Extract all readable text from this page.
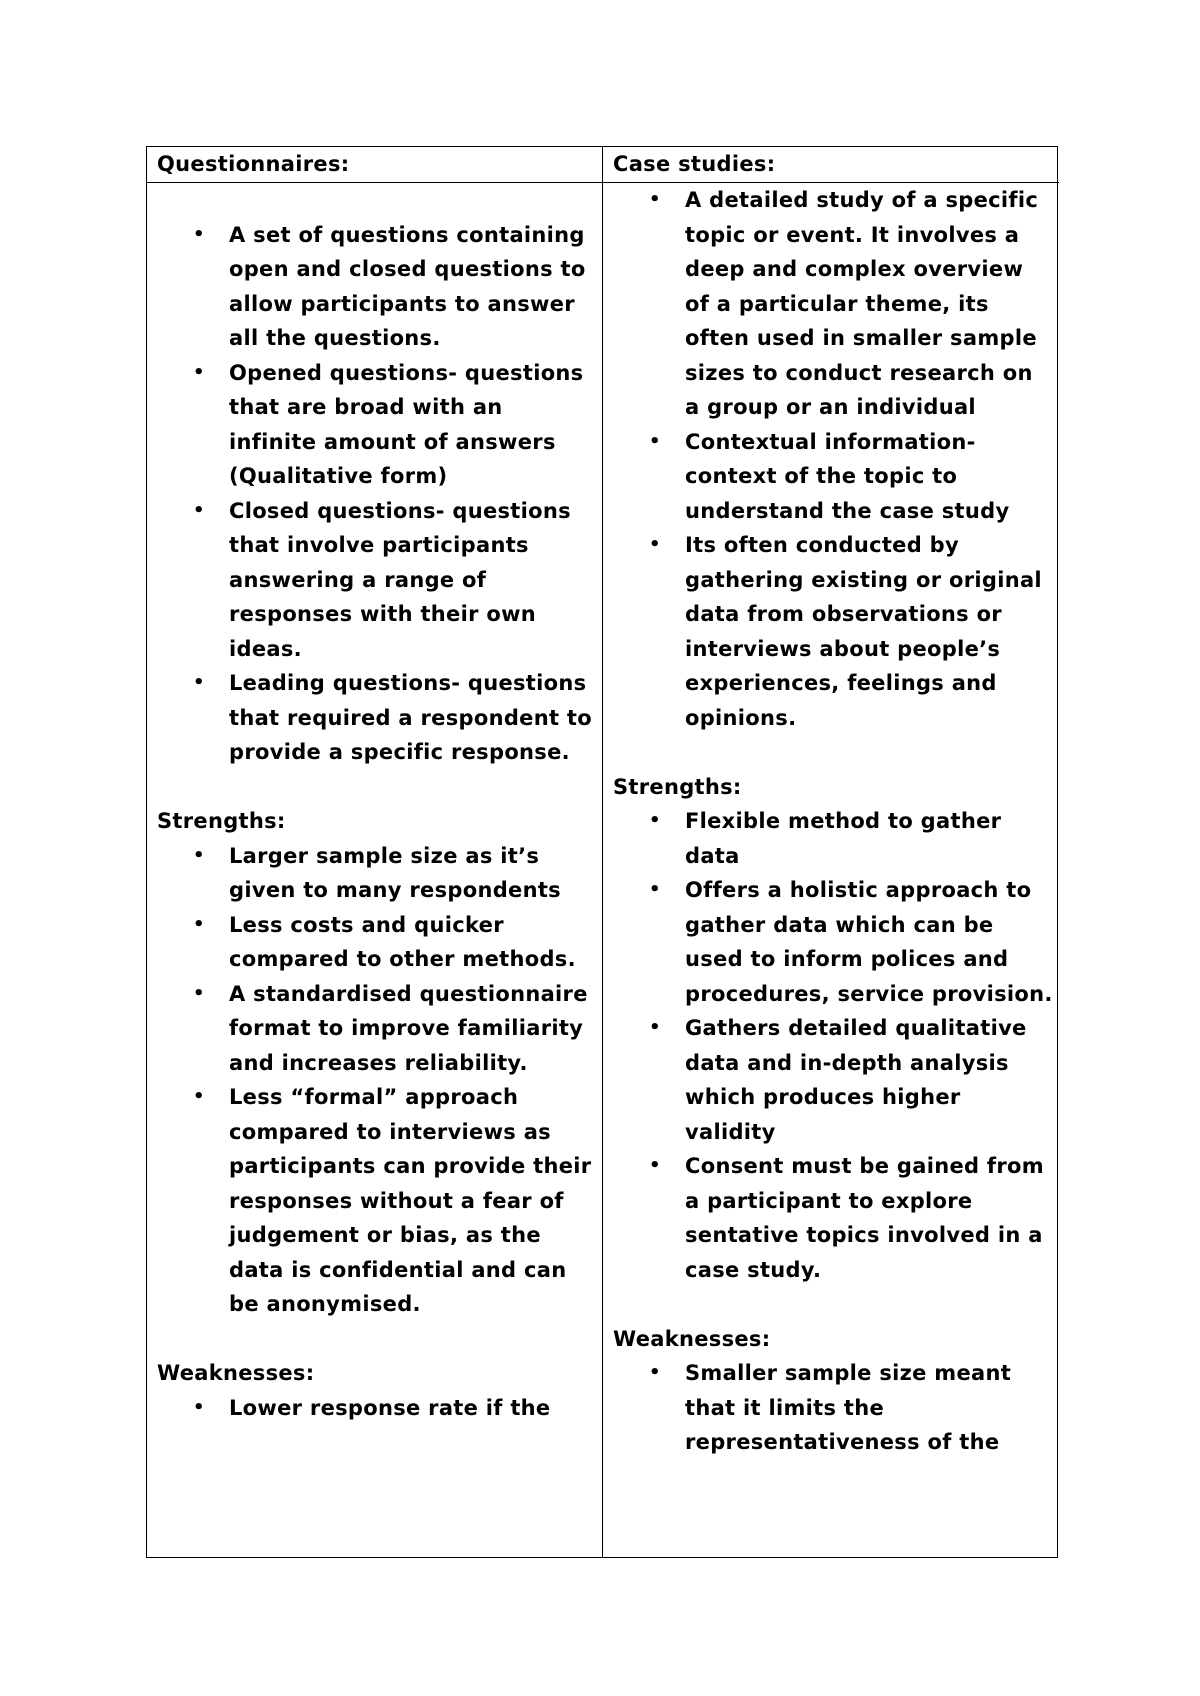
Questionnaires:	Case studies:
• A set of questions containing open and closed questions to allow participants to answer all the questions.
• Opened questions- questions that are broad with an infinite amount of answers (Qualitative form)
• Closed questions- questions that involve participants answering a range of responses with their own ideas.
• Leading questions- questions that required a respondent to provide a specific response.

Strengths:

• Larger sample size as it’s given to many respondents
• Less costs and quicker compared to other methods.
• A standardised questionnaire format to improve familiarity and increases reliability.
• Less “formal” approach compared to interviews as participants can provide their responses without a fear of judgement or bias, as the data is confidential and can be anonymised.

Weaknesses:

• Lower response rate if the
• A detailed study of a specific topic or event. It involves a deep and complex overview of a particular theme, its often used in smaller sample sizes to conduct research on a group or an individual
• Contextual information- context of the topic to understand the case study
• Its often conducted by gathering existing or original data from observations or interviews about people’s experiences, feelings and opinions.

Strengths:

• Flexible method to gather data
• Offers a holistic approach to gather data which can be used to inform polices and procedures, service provision.
• Gathers detailed qualitative data and in-depth analysis which produces higher validity
• Consent must be gained from a participant to explore sentative topics involved in a case study.

Weaknesses:

• Smaller sample size meant that it limits the representativeness of the
